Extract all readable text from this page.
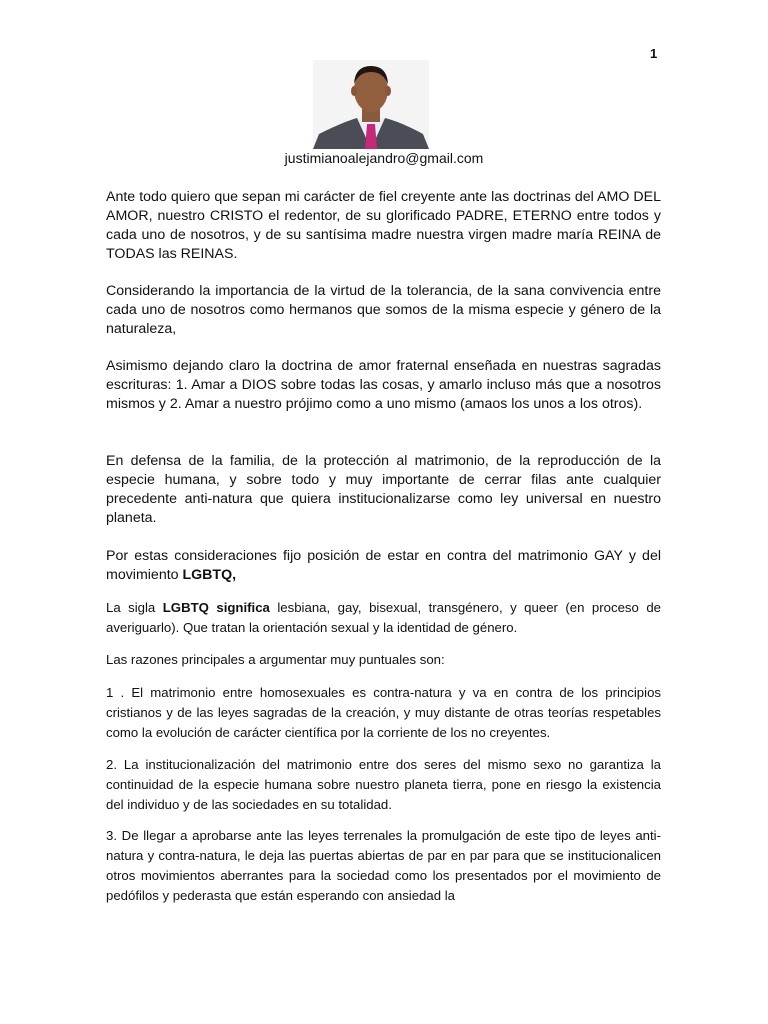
1
justimianoalejandro@gmail.com

Ante todo quiero que sepan mi carácter de fiel creyente ante las doctrinas del AMO DEL AMOR, nuestro CRISTO el redentor, de su glorificado PADRE, ETERNO entre todos y cada uno de nosotros, y de su santísima madre nuestra virgen madre maría REINA de TODAS las REINAS.

Considerando la importancia de la virtud de la tolerancia, de la sana convivencia entre cada uno de nosotros como hermanos que somos de la misma especie y género de la naturaleza,

Asimismo dejando claro la doctrina de amor fraternal enseñada en nuestras sagradas escrituras: 1. Amar a DIOS sobre todas las cosas, y amarlo incluso más que a nosotros mismos y 2. Amar a nuestro prójimo como a uno mismo (amaos los unos a los otros).

En defensa de la familia, de la protección al matrimonio, de la reproducción de la especie humana, y sobre todo y muy importante de cerrar filas ante cualquier precedente anti-natura que quiera institucionalizarse como ley universal en nuestro planeta.

Por estas consideraciones fijo posición de estar en contra del matrimonio GAY y del movimiento LGBTQ,

La sigla LGBTQ significa lesbiana, gay, bisexual, transgénero, y queer (en proceso de averiguarlo). Que tratan la orientación sexual y la identidad de género.

Las razones principales a argumentar muy puntuales son:

1 . El matrimonio entre homosexuales es contra-natura y va en contra de los principios cristianos y de las leyes sagradas de la creación, y muy distante de otras teorías respetables como la evolución de carácter científica por la corriente de los no creyentes.

2. La institucionalización del matrimonio entre dos seres del mismo sexo no garantiza la continuidad de la especie humana sobre nuestro planeta tierra, pone en riesgo la existencia del individuo y de las sociedades en su totalidad.

3. De llegar a aprobarse ante las leyes terrenales la promulgación de este tipo de leyes anti-natura y contra-natura, le deja las puertas abiertas de par en par para que se institucionalicen otros movimientos aberrantes para la sociedad como los presentados por el movimiento de pedófilos y pederasta que están esperando con ansiedad la
